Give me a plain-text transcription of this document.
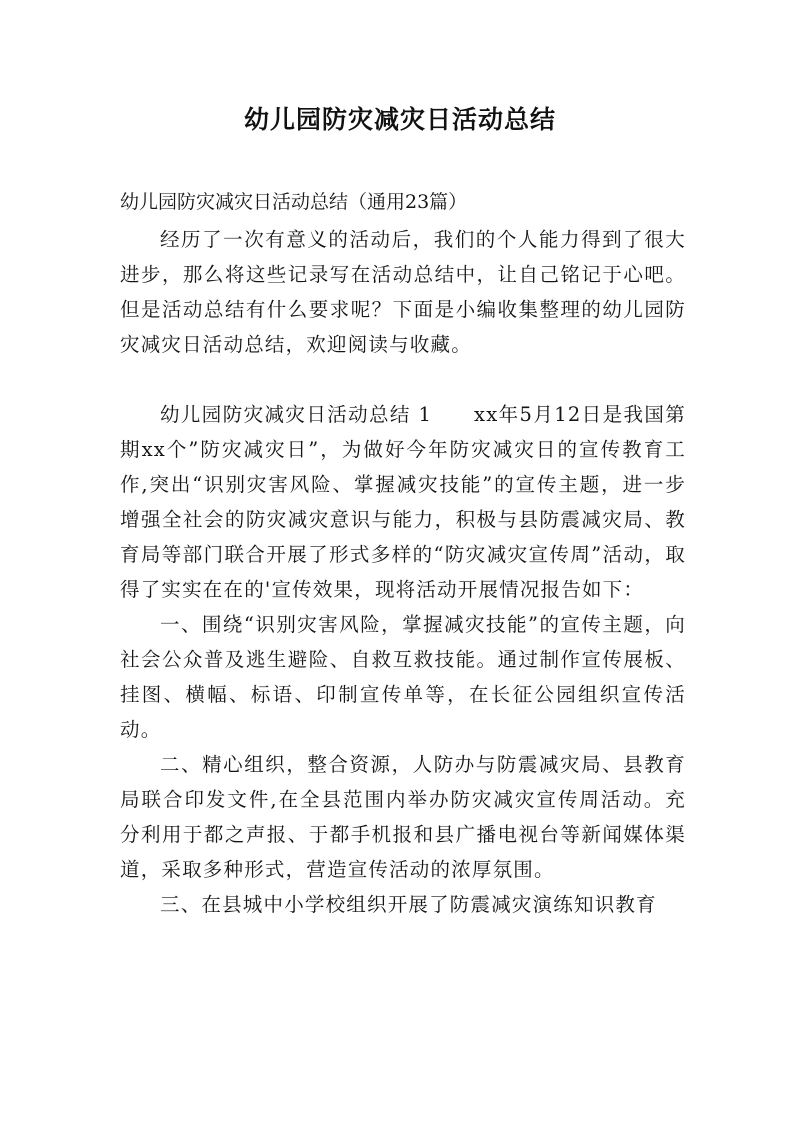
幼儿园防灾减灾日活动总结
幼儿园防灾减灾日活动总结（通用23篇）

经历了一次有意义的活动后，我们的个人能力得到了很大进步，那么将这些记录写在活动总结中，让自己铭记于心吧。但是活动总结有什么要求呢？下面是小编收集整理的幼儿园防灾减灾日活动总结，欢迎阅读与收藏。

幼儿园防灾减灾日活动总结 1　　xx年5月12日是我国第期xx个”防灾减灾日”，为做好今年防灾减灾日的宣传教育工作,突出“识别灾害风险、掌握减灾技能”的宣传主题，进一步增强全社会的防灾减灾意识与能力，积极与县防震减灾局、教育局等部门联合开展了形式多样的“防灾减灾宣传周”活动，取得了实实在在的'宣传效果，现将活动开展情况报告如下：

一、围绕“识别灾害风险，掌握减灾技能”的宣传主题，向社会公众普及逃生避险、自救互救技能。通过制作宣传展板、挂图、横幅、标语、印制宣传单等，在长征公园组织宣传活动。

二、精心组织，整合资源，人防办与防震减灾局、县教育局联合印发文件,在全县范围内举办防灾减灾宣传周活动。充分利用于都之声报、于都手机报和县广播电视台等新闻媒体渠道，采取多种形式，营造宣传活动的浓厚氛围。

三、在县城中小学校组织开展了防震减灾演练知识教育
